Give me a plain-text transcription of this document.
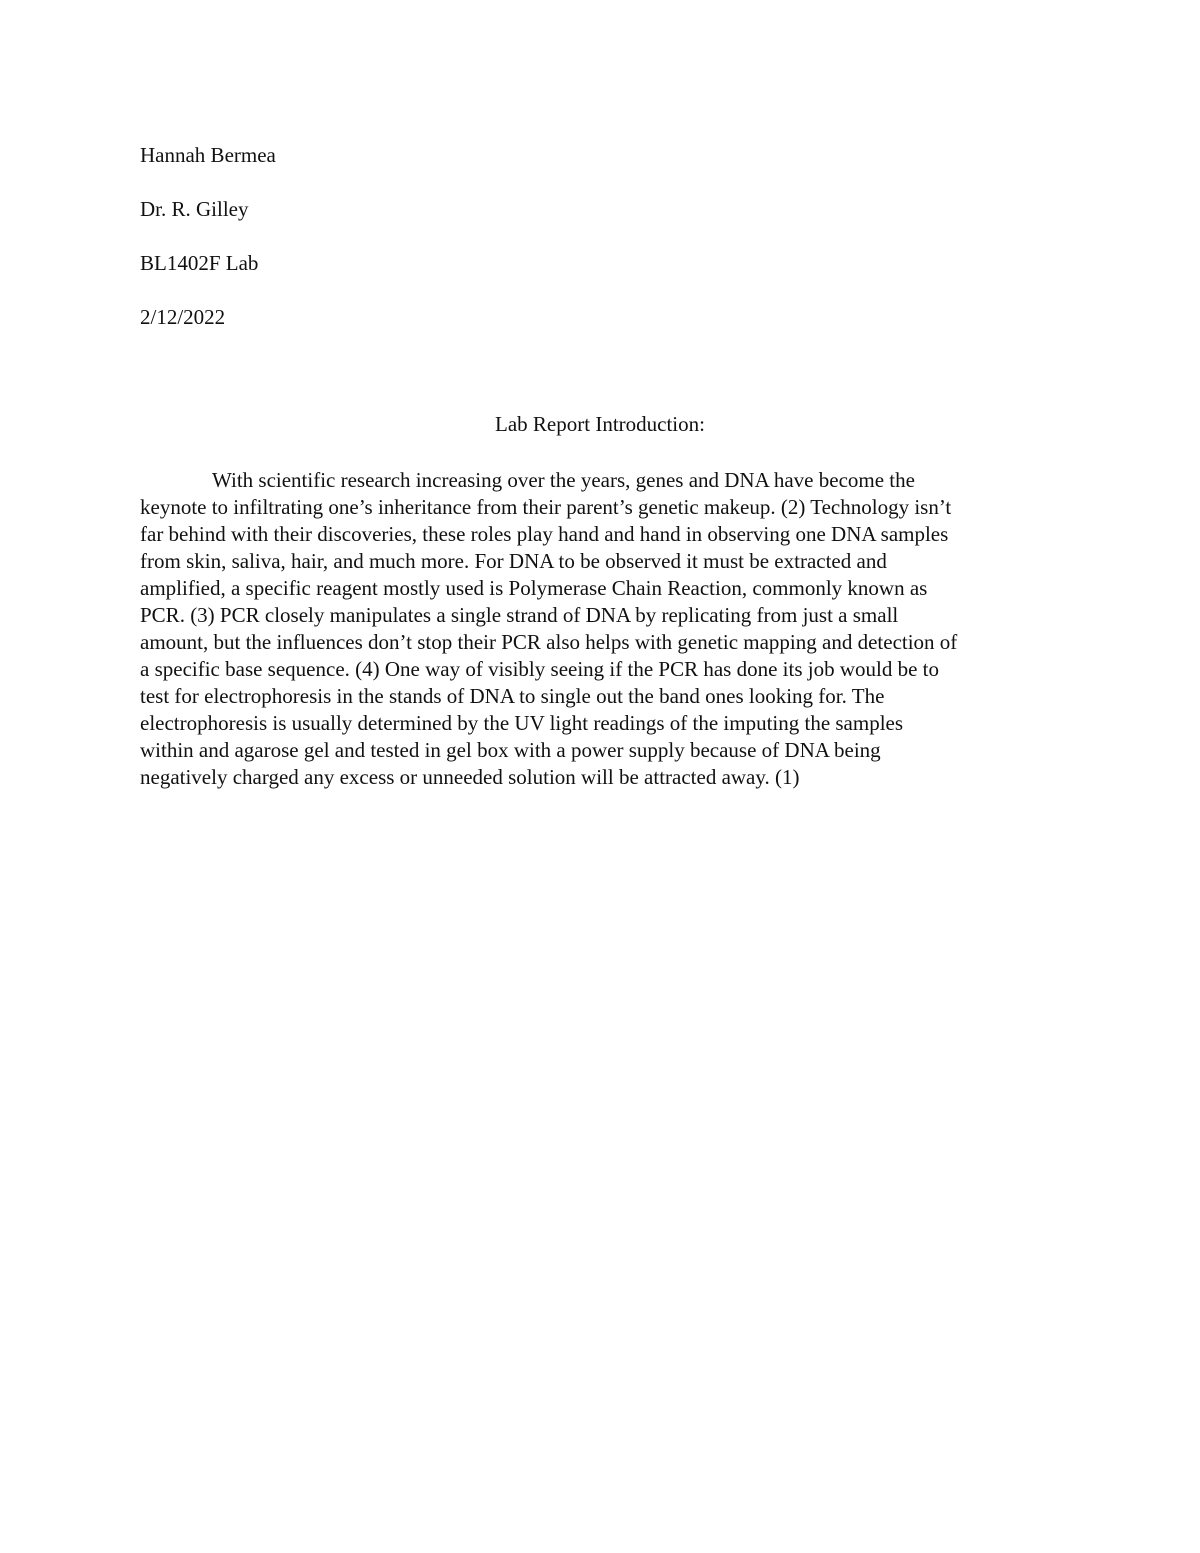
Hannah Bermea
Dr. R. Gilley
BL1402F Lab
2/12/2022
Lab Report Introduction:
With scientific research increasing over the years, genes and DNA have become the
keynote to infiltrating one’s inheritance from their parent’s genetic makeup. (2) Technology isn’t
far behind with their discoveries, these roles play hand and hand in observing one DNA samples
from skin, saliva, hair, and much more. For DNA to be observed it must be extracted and
amplified, a specific reagent mostly used is Polymerase Chain Reaction, commonly known as
PCR. (3) PCR closely manipulates a single strand of DNA by replicating from just a small
amount, but the influences don’t stop their PCR also helps with genetic mapping and detection of
a specific base sequence. (4) One way of visibly seeing if the PCR has done its job would be to
test for electrophoresis in the stands of DNA to single out the band ones looking for. The
electrophoresis is usually determined by the UV light readings of the imputing the samples
within and agarose gel and tested in gel box with a power supply because of DNA being
negatively charged any excess or unneeded solution will be attracted away. (1)
